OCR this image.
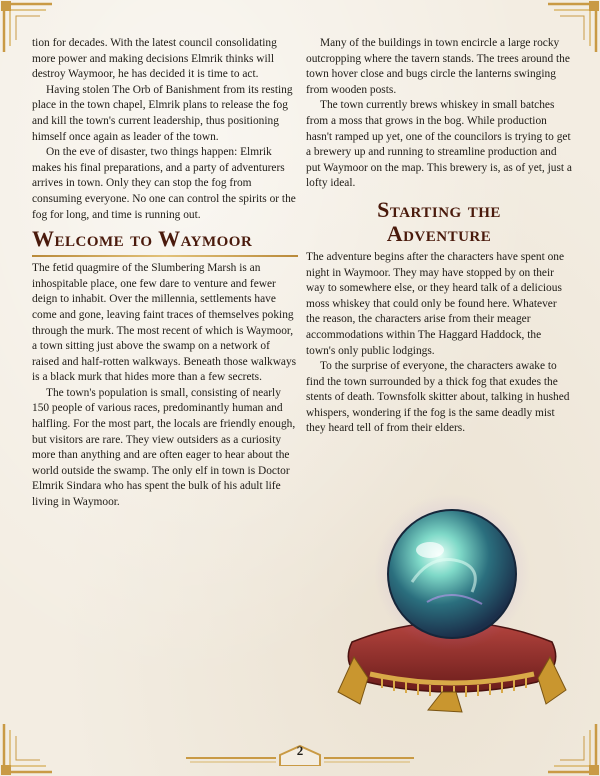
tion for decades. With the latest council consolidating more power and making decisions Elmrik thinks will destroy Waymoor, he has decided it is time to act.

Having stolen The Orb of Banishment from its resting place in the town chapel, Elmrik plans to release the fog and kill the town's current leadership, thus positioning himself once again as leader of the town.

On the eve of disaster, two things happen: Elmrik makes his final preparations, and a party of adventurers arrives in town. Only they can stop the fog from consuming everyone. No one can control the spirits or the fog for long, and time is running out.

Welcome to Waymoor

The fetid quagmire of the Slumbering Marsh is an inhospitable place, one few dare to venture and fewer deign to inhabit. Over the millennia, settlements have come and gone, leaving faint traces of themselves poking through the murk. The most recent of which is Waymoor, a town sitting just above the swamp on a network of raised and half-rotten walkways. Beneath those walkways is a black murk that hides more than a few secrets.

The town's population is small, consisting of nearly 150 people of various races, predominantly human and halfling. For the most part, the locals are friendly enough, but visitors are rare. They view outsiders as a curiosity more than anything and are often eager to hear about the world outside the swamp. The only elf in town is Doctor Elmrik Sindara who has spent the bulk of his adult life living in Waymoor.

Many of the buildings in town encircle a large rocky outcropping where the tavern stands. The trees around the town hover close and bugs circle the lanterns swinging from wooden posts.

The town currently brews whiskey in small batches from a moss that grows in the bog. While production hasn't ramped up yet, one of the councilors is trying to get a brewery up and running to streamline production and put Waymoor on the map. This brewery is, as of yet, just a lofty ideal.

Starting the
Adventure

The adventure begins after the characters have spent one night in Waymoor. They may have stopped by on their way to somewhere else, or they heard talk of a delicious moss whiskey that could only be found here. Whatever the reason, the characters arise from their meager accommodations within The Haggard Haddock, the town's only public lodgings.

To the surprise of everyone, the characters awake to find the town surrounded by a thick fog that exudes the stents of death. Townsfolk skitter about, talking in hushed whispers, wondering if the fog is the same deadly mist they heard tell of from their elders.

2
